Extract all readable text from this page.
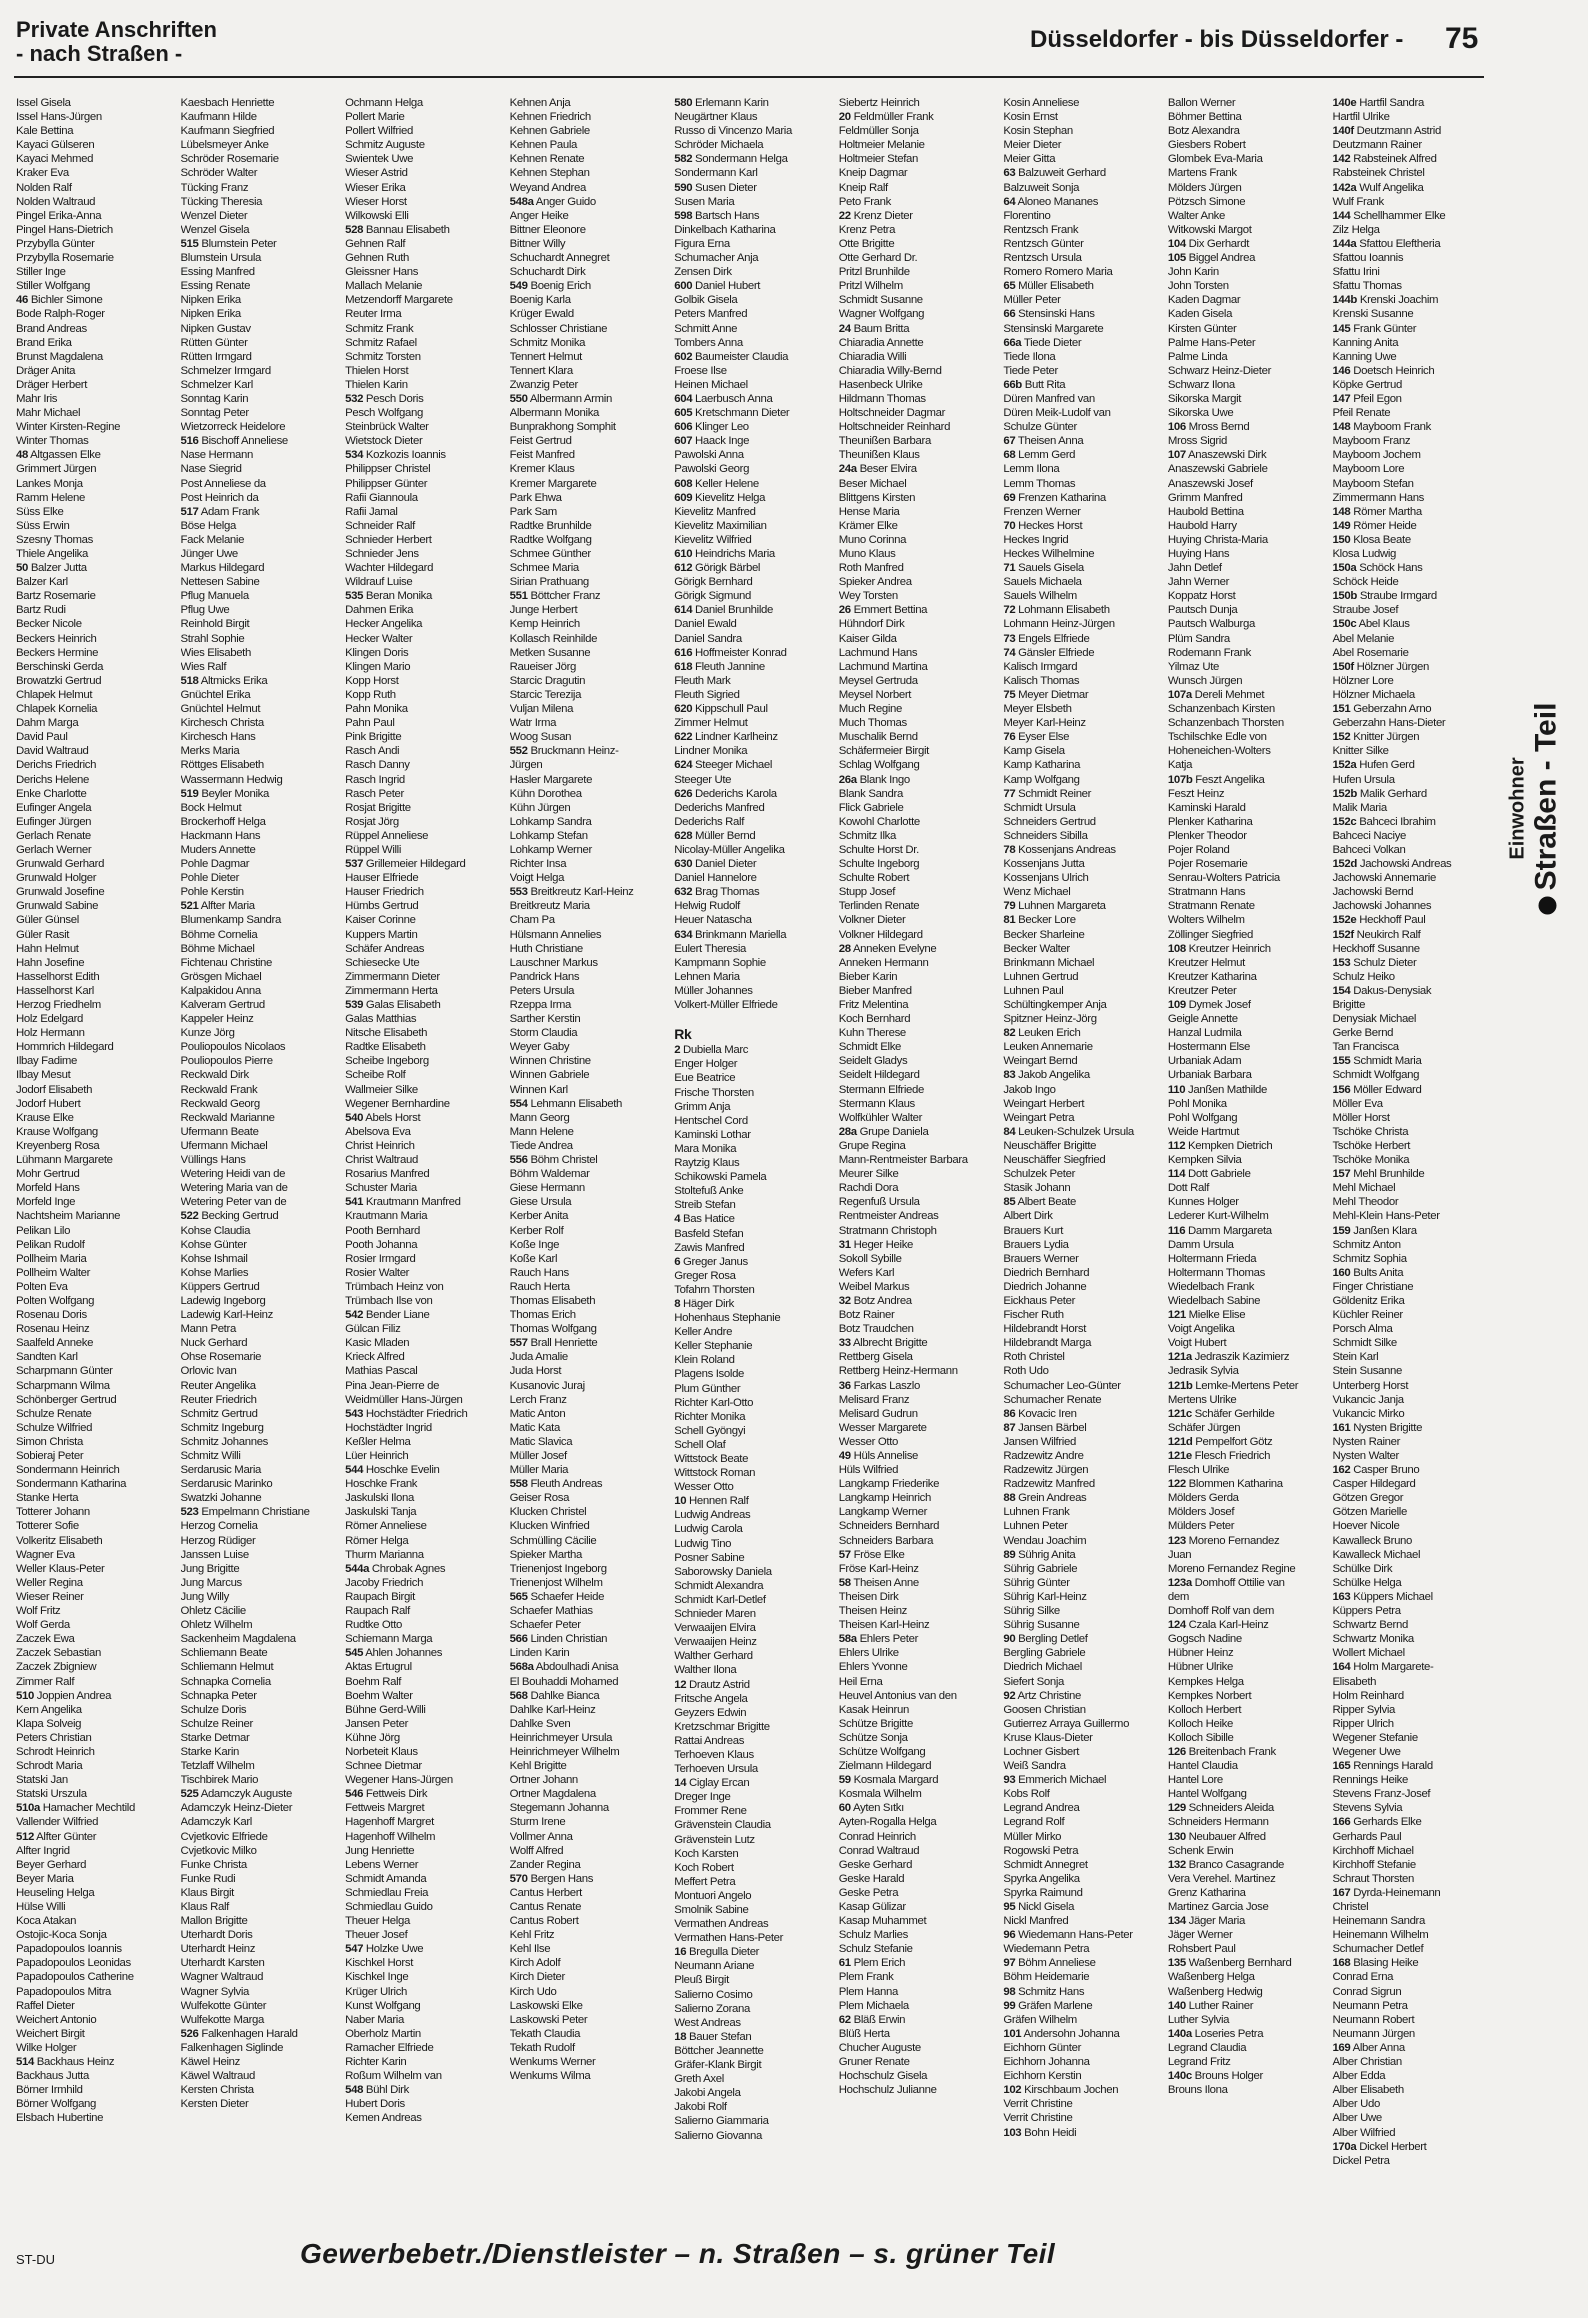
Private Anschriften
- nach Straßen -
Düsseldorfer - bis Düsseldorfer - 75
Issel Gisela
Issel Hans-Jürgen
Kale Bettina
Kayaci Gülseren
Kayaci Mehmed
Kraker Eva
Nolden Ralf
Nolden Waltraud
Pingel Erika-Anna
Pingel Hans-Dietrich
Przybylla Günter
Przybylla Rosemarie
Stiller Inge
Stiller Wolfgang
46 Bichler Simone
Bode Ralph-Roger
Brand Andreas
Brand Erika
Brunst Magdalena
Dräger Anita
Dräger Herbert
Mahr Iris
Mahr Michael
Winter Kirsten-Regine
Winter Thomas
48 Altgassen Elke
Grimmert Jürgen
Lankes Monja
Ramm Helene
Süss Elke
Süss Erwin
Szesny Thomas
Thiele Angelika
50 Balzer Jutta
Balzer Karl
Bartz Rosemarie
Bartz Rudi
Becker Nicole
Beckers Heinrich
Beckers Hermine
Berschinski Gerda
Browatzki Gertrud
Chlapek Helmut
Chlapek Kornelia
Dahm Marga
David Paul
David Waltraud
Derichs Friedrich
Derichs Helene
Enke Charlotte
Eufinger Angela
Eufinger Jürgen
Gerlach Renate
Gerlach Werner
Grunwald Gerhard
Grunwald Holger
Grunwald Josefine
Grunwald Sabine
Güler Günsel
Güler Rasit
Hahn Helmut
Hahn Josefine
Hasselhorst Edith
Hasselhorst Karl
Herzog Friedhelm
Holz Edelgard
Holz Hermann
Hommrich Hildegard
Ilbay Fadime
Ilbay Mesut
Jodorf Elisabeth
Jodorf Hubert
Krause Elke
Krause Wolfgang
Kreyenberg Rosa
Lühmann Margarete
Mohr Gertrud
Morfeld Hans
Morfeld Inge
Nachtsheim Marianne
Pelikan Lilo
Pelikan Rudolf
Pollheim Maria
Pollheim Walter
Polten Eva
Polten Wolfgang
Rosenau Doris
Rosenau Heinz
Saalfeld Anneke
Sandten Karl
Scharpmann Günter
Scharpmann Wilma
Schönberger Gertrud
Schulze Renate
Schulze Wilfried
Simon Christa
Sobieraj Peter
Sondermann Heinrich
Sondermann Katharina
Stanke Herta
Totterer Johann
Totterer Sofie
Volkeritz Elisabeth
Wagner Eva
Weller Klaus-Peter
Weller Regina
Wieser Reiner
Wolf Fritz
Wolf Gerda
Zaczek Ewa
Zaczek Sebastian
Zaczek Zbigniew
Zimmer Ralf
510 Joppien Andrea
Kern Angelika
Klapa Solveig
Peters Christian
Schrodt Heinrich
Schrodt Maria
Statski Jan
Statski Urszula
510a Hamacher Mechtild
Vallender Wilfried
512 Alfter Günter
Alfter Ingrid
Beyer Gerhard
Beyer Maria
Heuseling Helga
Hülse Willi
Koca Atakan
Ostojic-Koca Sonja
Papadopoulos Ioannis
Papadopoulos Leonidas
Papadopoulos Catherine
Papadopoulos Mitra
Raffel Dieter
Weichert Antonio
Weichert Birgit
Wilke Holger
514 Backhaus Heinz
Backhaus Jutta
Börner Irmhild
Börner Wolfgang
Elsbach Hubertine
Kaesbach Henriette
Kaufmann Hilde
Kaufmann Siegfried
Lübelsmeyer Anke
Schröder Rosemarie
Schröder Walter
Tücking Franz
Tücking Theresia
Wenzel Dieter
Wenzel Gisela
515 Blumstein Peter
Blumstein Ursula
Essing Manfred
Essing Renate
Nipken Erika
Nipken Erika
Nipken Gustav
Rütten Günter
Rütten Irmgard
Schmelzer Irmgard
Schmelzer Karl
Sonntag Karin
Sonntag Peter
Wietzorreck Heidelore
516 Bischoff Anneliese
Nase Hermann
Nase Siegrid
Post Anneliese da
Post Heinrich da
517 Adam Frank
Böse Helga
Fack Melanie
Jünger Uwe
Markus Hildegard
Nettesen Sabine
Pflug Manuela
Pflug Uwe
Reinhold Birgit
Strahl Sophie
Wies Elisabeth
Wies Ralf
518 Altmicks Erika
Gnüchtel Erika
Gnüchtel Helmut
Kirchesch Christa
Kirchesch Hans
Merks Maria
Röttges Elisabeth
Wassermann Hedwig
519 Beyler Monika
Bock Helmut
Brockerhoff Helga
Hackmann Hans
Muders Annette
Pohle Dagmar
Pohle Dieter
Pohle Kerstin
521 Alfter Maria
Blumenkamp Sandra
Böhme Cornelia
Böhme Michael
Fichtenau Christine
Grösgen Michael
Kalpakidou Anna
Kalveram Gertrud
Kappeler Heinz
Kunze Jörg
Pouliopoulos Nicolaos
Pouliopoulos Pierre
Reckwald Dirk
Reckwald Frank
Reckwald Georg
Reckwald Marianne
Ufermann Beate
Ufermann Michael
Vüllings Hans
Wetering Heidi van de
Wetering Maria van de
Wetering Peter van de
522 Becking Gertrud
Kohse Claudia
Kohse Günter
Kohse Ishmail
Kohse Marlies
Küppers Gertrud
Ladewig Ingeborg
Ladewig Karl-Heinz
Mann Petra
Nuck Gerhard
Ohse Rosemarie
Orlovic Ivan
Reuter Angelika
Reuter Friedrich
Schmitz Gertrud
Schmitz Ingeburg
Schmitz Johannes
Schmitz Willi
Serdarusic Maria
Serdarusic Marinko
Swatzki Johanne
523 Empelmann Christiane
Herzog Cornelia
Herzog Rüdiger
Janssen Luise
Jung Brigitte
Jung Marcus
Jung Willy
Ohletz Cäcilie
Ohletz Wilhelm
Sackenheim Magdalena
Schliemann Beate
Schliemann Helmut
Schnapka Cornelia
Schnapka Peter
Schulze Doris
Schulze Reiner
Starke Detmar
Starke Karin
Tetzlaff Wilhelm
Tischbirek Mario
525 Adamczyk Auguste
Adamczyk Heinz-Dieter
Adamczyk Karl
Cvjetkovic Elfriede
Cvjetkovic Milko
Funke Christa
Funke Rudi
Klaus Birgit
Klaus Ralf
Mallon Brigitte
Uterhardt Doris
Uterhardt Heinz
Uterhardt Karsten
Wagner Waltraud
Wagner Sylvia
Wulfekotte Günter
Wulfekotte Marga
526 Falkenhagen Harald
Falkenhagen Siglinde
Käwel Heinz
Käwel Waltraud
Kersten Christa
Kersten Dieter
Ochmann Helga
Pollert Marie
Pollert Wilfried
Schmitz Auguste
Swientek Uwe
Wieser Astrid
Wieser Erika
Wieser Horst
Wilkowski Elli
528 Bannau Elisabeth
Gehnen Ralf
Gehnen Ruth
Gleissner Hans
Mallach Melanie
Metzendorff Margarete
Reuter Irma
Schmitz Frank
Schmitz Rafael
Schmitz Torsten
Thielen Horst
Thielen Karin
532 Pesch Doris
Pesch Wolfgang
Steinbrück Walter
Wietstock Dieter
534 Kozkozis Ioannis
Philippser Christel
Philippser Günter
Rafii Giannoula
Rafii Jamal
Schneider Ralf
Schnieder Herbert
Schnieder Jens
Wachter Hildegard
Wildrauf Luise
535 Beran Monika
Dahmen Erika
Hecker Angelika
Hecker Walter
Klingen Doris
Klingen Mario
Kopp Horst
Kopp Ruth
Pahn Monika
Pahn Paul
Pink Brigitte
Rasch Andi
Rasch Danny
Rasch Ingrid
Rasch Peter
Rosjat Brigitte
Rosjat Jörg
Rüppel Anneliese
Rüppel Willi
537 Grillemeier Hildegard
Hauser Elfriede
Hauser Friedrich
Hümbs Gertrud
Kaiser Corinne
Kuppers Martin
Schäfer Andreas
Schiesecke Ute
Zimmermann Dieter
Zimmermann Herta
539 Galas Elisabeth
Galas Matthias
Nitsche Elisabeth
Radtke Elisabeth
Scheibe Ingeborg
Scheibe Rolf
Wallmeier Silke
Wegener Bernhardine
540 Abels Horst
Abelsova Eva
Christ Heinrich
Christ Waltraud
Rosarius Manfred
Schuster Maria
541 Krautmann Manfred
Krautmann Maria
Pooth Bernhard
Pooth Johanna
Rosier Irmgard
Rosier Walter
Trümbach Heinz von
Trümbach Ilse von
542 Bender Liane
Gülcan Filiz
Kasic Mladen
Krieck Alfred
Mathias Pascal
Pina Jean-Pierre de
Weidmüller Hans-Jürgen
543 Hochstädter Friedrich
Hochstädter Ingrid
Keßler Helma
Lüer Heinrich
544 Hoschke Evelin
Hoschke Frank
Jaskulski Ilona
Jaskulski Tanja
Römer Anneliese
Römer Helga
Thurm Marianna
544a Chrobak Agnes
Jacoby Friedrich
Raupach Birgit
Raupach Ralf
Rudtke Otto
Schiemann Marga
545 Ahlen Johannes
Aktas Ertugrul
Boehm Ralf
Boehm Walter
Bühne Gerd-Willi
Jansen Peter
Kühne Jörg
Norbeteit Klaus
Schnee Dietmar
Wegener Hans-Jürgen
546 Fettweis Dirk
Fettweis Margret
Hagenhoff Margret
Hagenhoff Wilhelm
Jung Henriette
Lebens Werner
Schmidt Amanda
Schmiedlau Freia
Schmiedlau Guido
Theuer Helga
Theuer Josef
547 Holzke Uwe
Kischkel Horst
Kischkel Inge
Krüger Ulrich
Kunst Wolfgang
Naber Maria
Oberholz Martin
Ramacher Elfriede
Richter Karin
Roßum Wilhelm van
548 Bühl Dirk
Hubert Doris
Kemen Andreas
Kehnen Anja
Kehnen Friedrich
Kehnen Gabriele
Kehnen Paula
Kehnen Renate
Kehnen Stephan
Weyand Andrea
548a Anger Guido
Anger Heike
Bittner Eleonore
Bittner Willy
Schuchardt Annegret
Schuchardt Dirk
549 Boenig Erich
Boenig Karla
Krüger Ewald
Schlosser Christiane
Schmitz Monika
Tennert Helmut
Tennert Klara
Zwanzig Peter
550 Albermann Armin
Albermann Monika
Bunprakhong Somphit
Feist Gertrud
Feist Manfred
Kremer Klaus
Kremer Margarete
Park Ehwa
Park Sam
Radtke Brunhilde
Radtke Wolfgang
Schmee Günther
Schmee Maria
Sirian Prathuang
551 Böttcher Franz
Junge Herbert
Kemp Heinrich
Kollasch Reinhilde
Metken Susanne
Raueiser Jörg
Starcic Dragutin
Starcic Terezija
Vuljan Milena
Watr Irma
Woog Susan
552 Bruckmann Heinz-
Jürgen
Hasler Margarete
Kühn Dorothea
Kühn Jürgen
Lohkamp Sandra
Lohkamp Stefan
Lohkamp Werner
Richter Insa
Voigt Helga
553 Breitkreutz Karl-Heinz
Breitkreutz Maria
Cham Pa
Hülsmann Annelies
Huth Christiane
Lauschner Markus
Pandrick Hans
Peters Ursula
Rzeppa Irma
Sarther Kerstin
Storm Claudia
Weyer Gaby
Winnen Christine
Winnen Gabriele
Winnen Karl
554 Lehmann Elisabeth
Mann Georg
Mann Helene
Tiede Andrea
556 Böhm Christel
Böhm Waldemar
Giese Hermann
Giese Ursula
Kerber Anita
Kerber Rolf
Koße Inge
Koße Karl
Rauch Hans
Rauch Herta
Thomas Elisabeth
Thomas Erich
Thomas Wolfgang
557 Brall Henriette
Juda Amalie
Juda Horst
Kusanovic Juraj
Lerch Franz
Matic Anton
Matic Kata
Matic Slavica
Müller Josef
Müller Maria
558 Fleuth Andreas
Geiser Rosa
Klucken Christel
Klucken Winfried
Schmülling Cäcilie
Spieker Martha
Trienenjost Ingeborg
Trienenjost Wilhelm
565 Schaefer Heide
Schaefer Mathias
Schaefer Peter
566 Linden Christian
Linden Karin
568a Abdoulhadi Anisa
El Bouhaddi Mohamed
568 Dahlke Bianca
Dahlke Karl-Heinz
Dahlke Sven
Heinrichmeyer Ursula
Heinrichmeyer Wilhelm
Kehl Brigitte
Ortner Johann
Ortner Magdalena
Stegemann Johanna
Sturm Irene
Vollmer Anna
Wolff Alfred
Zander Regina
570 Bergen Hans
Cantus Herbert
Cantus Renate
Cantus Robert
Kehl Fritz
Kehl Ilse
Kirch Adolf
Kirch Dieter
Kirch Udo
Laskowski Elke
Laskowski Peter
Tekath Claudia
Tekath Rudolf
Wenkums Werner
Wenkums Wilma
580 Erlemann Karin
Neugärtner Klaus
Russo di Vincenzo Maria
Schröder Michaela
582 Sondermann Helga
Sondermann Karl
590 Susen Dieter
Susen Maria
598 Bartsch Hans
Dinkelbach Katharina
Figura Erna
Schumacher Anja
Zensen Dirk
600 Daniel Hubert
Golbik Gisela
Peters Manfred
Schmitt Anne
Tombers Anna
602 Baumeister Claudia
Froese Ilse
Heinen Michael
604 Laerbusch Anna
605 Kretschmann Dieter
606 Klinger Leo
607 Haack Inge
Pawolski Anna
Pawolski Georg
608 Keller Helene
609 Kievelitz Helga
Kievelitz Manfred
Kievelitz Maximilian
Kievelitz Wilfried
610 Heindrichs Maria
612 Görigk Bärbel
Görigk Bernhard
Görigk Sigmund
614 Daniel Brunhilde
Daniel Ewald
Daniel Sandra
616 Hoffmeister Konrad
618 Fleuth Jannine
Fleuth Mark
Fleuth Sigried
620 Kippschull Paul
Zimmer Helmut
622 Lindner Karlheinz
Lindner Monika
624 Steeger Michael
Steeger Ute
626 Dederichs Karola
Dederichs Manfred
Dederichs Ralf
628 Müller Bernd
Nicolay-Müller Angelika
630 Daniel Dieter
Daniel Hannelore
632 Brag Thomas
Helwig Rudolf
Heuer Natascha
634 Brinkmann Mariella
Eulert Theresia
Kampmann Sophie
Lehnen Maria
Müller Johannes
Volkert-Müller Elfriede

Rk
2 Dubiella Marc
Enger Holger
Eue Beatrice
Frische Thorsten
Grimm Anja
Hentschel Cord
Kaminski Lothar
Mara Monika
Raytzig Klaus
Schikowski Pamela
Stoltefuß Anke
Streib Stefan
4 Bas Hatice
Basfeld Stefan
Zawis Manfred
6 Greger Janus
Greger Rosa
Tofahrn Thorsten
8 Häger Dirk
Hohenhaus Stephanie
Keller Andre
Keller Stephanie
Klein Roland
Plagens Isolde
Plum Günther
Richter Karl-Otto
Richter Monika
Schell Gyöngyi
Schell Olaf
Wittstock Beate
Wittstock Roman
Wesser Otto
10 Hennen Ralf
Ludwig Andreas
Ludwig Carola
Ludwig Tino
Posner Sabine
Saborowsky Daniela
Schmidt Alexandra
Schmidt Karl-Detlef
Schnieder Maren
Verwaaijen Elvira
Verwaaijen Heinz
Walther Gerhard
Walther Ilona
12 Drautz Astrid
Fritsche Angela
Geyzers Edwin
Kretzschmar Brigitte
Rattai Andreas
Terhoeven Klaus
Terhoeven Ursula
14 Ciglay Ercan
Dreger Inge
Frommer Rene
Grävenstein Claudia
Grävenstein Lutz
Koch Karsten
Koch Robert
Meffert Petra
Montuori Angelo
Smolnik Sabine
Vermathen Andreas
Vermathen Hans-Peter
16 Bregulla Dieter
Neumann Ariane
Pleuß Birgit
Salierno Cosimo
Salierno Zorana
West Andreas
18 Bauer Stefan
Böttcher Jeannette
Gräfer-Klank Birgit
Greth Axel
Jakobi Angela
Jakobi Rolf
Salierno Giammaria
Salierno Giovanna
Siebertz Heinrich
20 Feldmüller Frank
Feldmüller Sonja
Holtmeier Melanie
Holtmeier Stefan
Kneip Dagmar
Kneip Ralf
Peto Frank
22 Krenz Dieter
Krenz Petra
Otte Brigitte
Otte Gerhard Dr.
Pritzl Brunhilde
Pritzl Wilhelm
Schmidt Susanne
Wagner Wolfgang
24 Baum Britta
Chiaradia Annette
Chiaradia Willi
Chiaradia Willy-Bernd
Hasenbeck Ulrike
Hildmann Thomas
Holtschneider Dagmar
Holtschneider Reinhard
Theunißen Barbara
Theunißen Klaus
24a Beser Elvira
Beser Michael
Blittgens Kirsten
Hense Maria
Krämer Elke
Muno Corinna
Muno Klaus
Roth Manfred
Spieker Andrea
Wey Torsten
26 Emmert Bettina
Hühndorf Dirk
Kaiser Gilda
Lachmund Hans
Lachmund Martina
Meysel Gertruda
Meysel Norbert
Much Regine
Much Thomas
Muschalik Bernd
Schäfermeier Birgit
Schlag Wolfgang
26a Blank Ingo
Blank Sandra
Flick Gabriele
Kowohl Charlotte
Schmitz Ilka
Schulte Horst Dr.
Schulte Ingeborg
Schulte Robert
Stupp Josef
Terlinden Renate
Volkner Dieter
Volkner Hildegard
28 Anneken Evelyne
Anneken Hermann
Bieber Karin
Bieber Manfred
Fritz Melentina
Koch Bernhard
Kuhn Therese
Schmidt Elke
Seidelt Gladys
Seidelt Hildegard
Stermann Elfriede
Stermann Klaus
Wolfkühler Walter
28a Grupe Daniela
Grupe Regina
Mann-Rentmeister Barbara
Meurer Silke
Rachdi Dora
Regenfuß Ursula
Rentmeister Andreas
Stratmann Christoph
31 Heger Heike
Sokoll Sybille
Wefers Karl
Weibel Markus
32 Botz Andrea
Botz Rainer
Botz Traudchen
33 Albrecht Brigitte
Rettberg Gisela
Rettberg Heinz-Hermann
36 Farkas Laszlo
Melisard Franz
Melisard Gudrun
Wesser Margarete
Wesser Otto
49 Hüls Annelise
Hüls Wilfried
Langkamp Friederike
Langkamp Heinrich
Langkamp Werner
Schneiders Bernhard
Schneiders Barbara
57 Fröse Elke
Fröse Karl-Heinz
58 Theisen Anne
Theisen Dirk
Theisen Heinz
Theisen Karl-Heinz
58a Ehlers Peter
Ehlers Ulrike
Ehlers Yvonne
Heil Erna
Heuvel Antonius van den
Kasak Heinrun
Schütze Brigitte
Schütze Sonja
Schütze Wolfgang
Zielmann Hildegard
59 Kosmala Margard
Kosmala Wilhelm
60 Ayten Sıtkı
Ayten-Rogalla Helga
Conrad Heinrich
Conrad Waltraud
Geske Gerhard
Geske Harald
Geske Petra
Kasap Gülizar
Kasap Muhammet
Schulz Marlies
Schulz Stefanie
61 Plem Erich
Plem Frank
Plem Hanna
Plem Michaela
62 Bläß Erwin
Blüß Herta
Chucher Auguste
Gruner Renate
Hochschulz Gisela
Hochschulz Julianne
Kosin Anneliese
Kosin Ernst
Kosin Stephan
Meier Dieter
Meier Gitta
63 Balzuweit Gerhard
Balzuweit Sonja
64 Aloneo Mananes
Florentino
Rentzsch Frank
Rentzsch Günter
Rentzsch Ursula
Romero Romero Maria
65 Müller Elisabeth
Müller Peter
66 Stensinski Hans
Stensinski Margarete
66a Tiede Dieter
Tiede Ilona
Tiede Peter
66b Butt Rita
Düren Manfred van
Düren Meik-Ludolf van
Schulze Günter
67 Theisen Anna
68 Lemm Gerd
Lemm Ilona
Lemm Thomas
69 Frenzen Katharina
Frenzen Werner
70 Heckes Horst
Heckes Ingrid
Heckes Wilhelmine
71 Sauels Gisela
Sauels Michaela
Sauels Wilhelm
72 Lohmann Elisabeth
Lohmann Heinz-Jürgen
73 Engels Elfriede
74 Gänsler Elfriede
Kalisch Irmgard
Kalisch Thomas
75 Meyer Dietmar
Meyer Elsbeth
Meyer Karl-Heinz
76 Eyser Else
Kamp Gisela
Kamp Katharina
Kamp Wolfgang
77 Schmidt Reiner
Schmidt Ursula
Schneiders Gertrud
Schneiders Sibilla
78 Kossenjans Andreas
Kossenjans Jutta
Kossenjans Ulrich
Wenz Michael
79 Luhnen Margareta
81 Becker Lore
Becker Sharleine
Becker Walter
Brinkmann Michael
Luhnen Gertrud
Luhnen Paul
Schültingkemper Anja
Spitzner Heinz-Jörg
82 Leuken Erich
Leuken Annemarie
Weingart Bernd
83 Jakob Angelika
Jakob Ingo
Weingart Herbert
Weingart Petra
84 Leuken-Schulzek Ursula
Neuschäffer Brigitte
Neuschäffer Siegfried
Schulzek Peter
Stasik Johann
85 Albert Beate
Albert Dirk
Brauers Kurt
Brauers Lydia
Brauers Werner
Diedrich Bernhard
Diedrich Johanne
Eickhaus Peter
Fischer Ruth
Hildebrandt Horst
Hildebrandt Marga
Roth Christel
Roth Udo
Schumacher Leo-Günter
Schumacher Renate
86 Kovacic Iren
87 Jansen Bärbel
Jansen Wilfried
Radzewitz Andre
Radzewitz Jürgen
Radzewitz Manfred
88 Grein Andreas
Luhnen Frank
Luhnen Peter
Wendau Joachim
89 Sührig Anita
Sührig Gabriele
Sührig Günter
Sührig Karl-Heinz
Sührig Silke
Sührig Susanne
90 Bergling Detlef
Bergling Gabriele
Diedrich Michael
Siefert Sonja
92 Artz Christine
Goosen Christian
Gutierrez Arraya Guillermo
Kruse Klaus-Dieter
Lochner Gisbert
Weiß Sandra
93 Emmerich Michael
Kobs Rolf
Legrand Andrea
Legrand Rolf
Müller Mirko
Rogowski Petra
Schmidt Annegret
Spyrka Angelika
Spyrka Raimund
95 Nickl Gisela
Nickl Manfred
96 Wiedemann Hans-Peter
Wiedemann Petra
97 Böhm Anneliese
Böhm Heidemarie
98 Schmitz Hans
99 Gräfen Marlene
Gräfen Wilhelm
101 Andersohn Johanna
Eichhorn Günter
Eichhorn Johanna
Eichhorn Kerstin
102 Kirschbaum Jochen
Verrit Christine
Verrit Christine
103 Bohn Heidi
Ballon Werner
Böhmer Bettina
Botz Alexandra
Giesbers Robert
Glombek Eva-Maria
Martens Frank
Mölders Jürgen
Pötzsch Simone
Walter Anke
Witkowski Margot
104 Dix Gerhardt
105 Biggel Andrea
John Karin
John Torsten
Kaden Dagmar
Kaden Gisela
Kirsten Günter
Palme Hans-Peter
Palme Linda
Schwarz Heinz-Dieter
Schwarz Ilona
Sikorska Margit
Sikorska Uwe
106 Mross Bernd
Mross Sigrid
107 Anaszewski Dirk
Anaszewski Gabriele
Anaszewski Josef
Grimm Manfred
Haubold Bettina
Haubold Harry
Huying Christa-Maria
Huying Hans
Jahn Detlef
Jahn Werner
Koppatz Horst
Pautsch Dunja
Pautsch Walburga
Plüm Sandra
Rodemann Frank
Yilmaz Ute
Wunsch Jürgen
107a Dereli Mehmet
Schanzenbach Kirsten
Schanzenbach Thorsten
Tschilschke Edle von
Hoheneichen-Wolters
Katja
107b Feszt Angelika
Feszt Heinz
Kaminski Harald
Plenker Katharina
Plenker Theodor
Pojer Roland
Pojer Rosemarie
Senrau-Wolters Patricia
Stratmann Hans
Stratmann Renate
Wolters Wilhelm
Zöllinger Siegfried
108 Kreutzer Heinrich
Kreutzer Helmut
Kreutzer Katharina
Kreutzer Peter
109 Dymek Josef
Geigle Annette
Hanzal Ludmila
Hostermann Else
Urbaniak Adam
Urbaniak Barbara
110 Janßen Mathilde
Pohl Monika
Pohl Wolfgang
Weide Hartmut
112 Kempken Dietrich
Kempken Silvia
114 Dott Gabriele
Dott Ralf
Kunnes Holger
Lederer Kurt-Wilhelm
116 Damm Margareta
Damm Ursula
Holtermann Frieda
Holtermann Thomas
Wiedelbach Frank
Wiedelbach Sabine
121 Mielke Elise
Voigt Angelika
Voigt Hubert
121a Jedraszik Kazimierz
Jedrasik Sylvia
121b Lemke-Mertens Peter
Mertens Ulrike
121c Schäfer Gerhilde
Schäfer Jürgen
121d Pempelfort Götz
121e Flesch Friedrich
Flesch Ulrike
122 Blommen Katharina
Mölders Gerda
Mölders Josef
Mülders Peter
123 Moreno Fernandez
Juan
Moreno Fernandez Regine
123a Domhoff Ottilie van
dem
Domhoff Rolf van dem
124 Czala Karl-Heinz
Gogsch Nadine
Hübner Heinz
Hübner Ulrike
Kempkes Helga
Kempkes Norbert
Kolloch Herbert
Kolloch Heike
Kolloch Sibille
126 Breitenbach Frank
Hantel Claudia
Hantel Lore
Hantel Wolfgang
129 Schneiders Aleida
Schneiders Hermann
130 Neubauer Alfred
Schenk Erwin
132 Branco Casagrande
Vera Verehel. Martinez
Grenz Katharina
Martinez Garcia Jose
134 Jäger Maria
Jäger Werner
Rohsbert Paul
135 Waßenberg Bernhard
Waßenberg Helga
Waßenberg Hedwig
140 Luther Rainer
Luther Sylvia
140a Loseries Petra
Legrand Claudia
Legrand Fritz
140c Brouns Holger
Brouns Ilona
140e Hartfil Sandra
Hartfil Ulrike
140f Deutzmann Astrid
Deutzmann Rainer
142 Rabsteinek Alfred
Rabsteinek Christel
142a Wulf Angelika
Wulf Frank
144 Schellhammer Elke
Zilz Helga
144a Sfattou Eleftheria
Sfattou Ioannis
Sfattu Irini
Sfattu Thomas
144b Krenski Joachim
Krenski Susanne
145 Frank Günter
Kanning Anita
Kanning Uwe
146 Doetsch Heinrich
Köpke Gertrud
147 Pfeil Egon
Pfeil Renate
148 Mayboom Frank
Mayboom Franz
Mayboom Jochem
Mayboom Lore
Mayboom Stefan
Zimmermann Hans
148 Römer Martha
149 Römer Heide
150 Klosa Beate
Klosa Ludwig
150a Schöck Hans
Schöck Heide
150b Straube Irmgard
Straube Josef
150c Abel Klaus
Abel Melanie
Abel Rosemarie
150f Hölzner Jürgen
Hölzner Lore
Hölzner Michaela
151 Geberzahn Arno
Geberzahn Hans-Dieter
152 Knitter Jürgen
Knitter Silke
152a Hufen Gerd
Hufen Ursula
152b Malik Gerhard
Malik Maria
152c Bahceci Ibrahim
Bahceci Naciye
Bahceci Volkan
152d Jachowski Andreas
Jachowski Annemarie
Jachowski Bernd
Jachowski Johannes
152e Heckhoff Paul
152f Neukirch Ralf
Heckhoff Susanne
153 Schulz Dieter
Schulz Heiko
154 Dakus-Denysiak
Brigitte
Denysiak Michael
Gerke Bernd
Tan Francisca
155 Schmidt Maria
Schmidt Wolfgang
156 Möller Edward
Möller Eva
Möller Horst
Tschöke Christa
Tschöke Herbert
Tschöke Monika
157 Mehl Brunhilde
Mehl Michael
Mehl Theodor
Mehl-Klein Hans-Peter
159 Janßen Klara
Schmitz Anton
Schmitz Sophia
160 Bults Anita
Finger Christiane
Göldenitz Erika
Küchler Reiner
Porsch Alma
Schmidt Silke
Stein Karl
Stein Susanne
Unterberg Horst
Vukancic Janja
Vukancic Mirko
161 Nysten Brigitte
Nysten Rainer
Nysten Walter
162 Casper Bruno
Casper Hildegard
Götzen Gregor
Götzen Marielle
Hoever Nicole
Kawalleck Bruno
Kawalleck Michael
Schülke Dirk
Schülke Helga
163 Küppers Michael
Küppers Petra
Schwartz Bernd
Schwartz Monika
Wollert Michael
164 Holm Margarete-
Elisabeth
Holm Reinhard
Ripper Sylvia
Ripper Ulrich
Wegener Stefanie
Wegener Uwe
165 Rennings Harald
Rennings Heike
Stevens Franz-Josef
Stevens Sylvia
166 Gerhards Elke
Gerhards Paul
Kirchhoff Michael
Kirchhoff Stefanie
Schraut Thorsten
167 Dyrda-Heinemann
Christel
Heinemann Sandra
Heinemann Wilhelm
Schumacher Detlef
168 Blasing Heike
Conrad Erna
Conrad Sigrun
Neumann Petra
Neumann Robert
Neumann Jürgen
169 Alber Anna
Alber Christian
Alber Edda
Alber Elisabeth
Alber Udo
Alber Uwe
Alber Wilfried
170a Dickel Herbert
Dickel Petra
Einwohner Straßen - Teil
ST-DU	Gewerbebetr./Dienstleister – n. Straßen – s. grüner Teil
